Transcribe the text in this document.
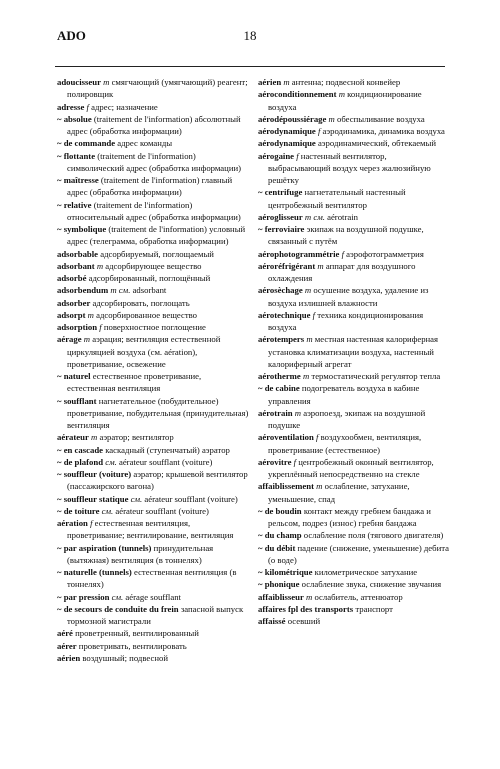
ADO	18

adoucisseur m смягчающий (умягчающий) реагент; полировщик

adresse f адрес; назначение

~ absolue (traitement de l'information) абсолютный адрес (обработка информации)

~ de commande адрес команды

~ flottante (traitement de l'information) символический адрес (обработка информации)

~ maîtresse (traitement de l'information) главный адрес (обработка информации)

~ relative (traitement de l'information) относительный адрес (обработка информации)

~ symbolique (traitement de l'information) условный адрес (телеграмма, обработка информации)

adsorbable адсорбируемый, поглощаемый

adsorbant m адсорбирующее вещество

adsorbé адсорбированный, поглощённый

adsorbendum m см. adsorbant

adsorber адсорбировать, поглощать

adsorpt m адсорбированное вещество

adsorption f поверхностное поглощение

aérage m аэрация; вентиляция естественной циркуляцией воздуха (см. aération), проветривание, освежение

~ naturel естественное проветривание, естественная вентиляция

~ soufflant нагнетательное (побудительное) проветривание, побудительная (принудительная) вентиляция

aérateur m аэратор; вентилятор

~ en cascade каскадный (ступенчатый) аэратор

~ de plafond см. aérateur soufflant (voiture)

~ souffleur (voiture) аэратор; крышевой вентилятор (пассажирского вагона)

~ souffleur statique см. aérateur soufflant (voiture)

~ de toiture см. aérateur soufflant (voiture)

aération f естественная вентиляция, проветривание; вентилирование, вентиляция

~ par aspiration (tunnels) принудительная (вытяжная) вентиляция (в тоннелях)

~ naturelle (tunnels) естественная вентиляция (в тоннелях)

~ par pression см. aérage soufflant

~ de secours de conduite du frein запасной выпуск тормозной магистрали

aéré проветренный, вентилированный

aérer проветривать, вентилировать

aérien воздушный; подвесной

aérien m антенна; подвесной конвейер

aéroconditionnement m кондиционирование воздуха

aérodépoussiérage m обеспыливание воздуха

aérodynamique f аэродинамика, динамика воздуха

aérodynamique аэродинамический, обтекаемый

aérogaine f настенный вентилятор, выбрасывающий воздух через жалюзийную решётку

~ centrifuge нагнетательный настенный центробежный вентилятор

aéroglisseur m см. aérotrain

~ ferroviaire экипаж на воздушной подушке, связанный с путём

aérophotogrammétrie f аэрофотограмметрия

aéroréfrigérant m аппарат для воздушного охлаждения

aérosèchage m осушение воздуха, удаление из воздуха излишней влажности

aérotechnique f техника кондиционирования воздуха

aérotempers m местная настенная калориферная установка климатизации воздуха, настенный калориферный агрегат

aérotherme m термостатический регулятор тепла

~ de cabine подогреватель воздуха в кабине управления

aérotrain m аэропоезд, экипаж на воздушной подушке

aéroventilation f воздухообмен, вентиляция, проветривание (естественное)

aérovitre f центробежный оконный вентилятор, укреплённый непосредственно на стекле

affaiblissement m ослабление, затухание, уменьшение, спад

~ de boudin контакт между гребнем бандажа и рельсом, подрез (износ) гребня бандажа

~ du champ ослабление поля (тягового двигателя)

~ du débit падение (снижение, уменьшение) дебита (о воде)

~ kilométrique километрическое затухание

~ phonique ослабление звука, снижение звучания

affaiblisseur m ослабитель, аттенюатор

affaires fpl des transports транспорт

affaissé осевший
